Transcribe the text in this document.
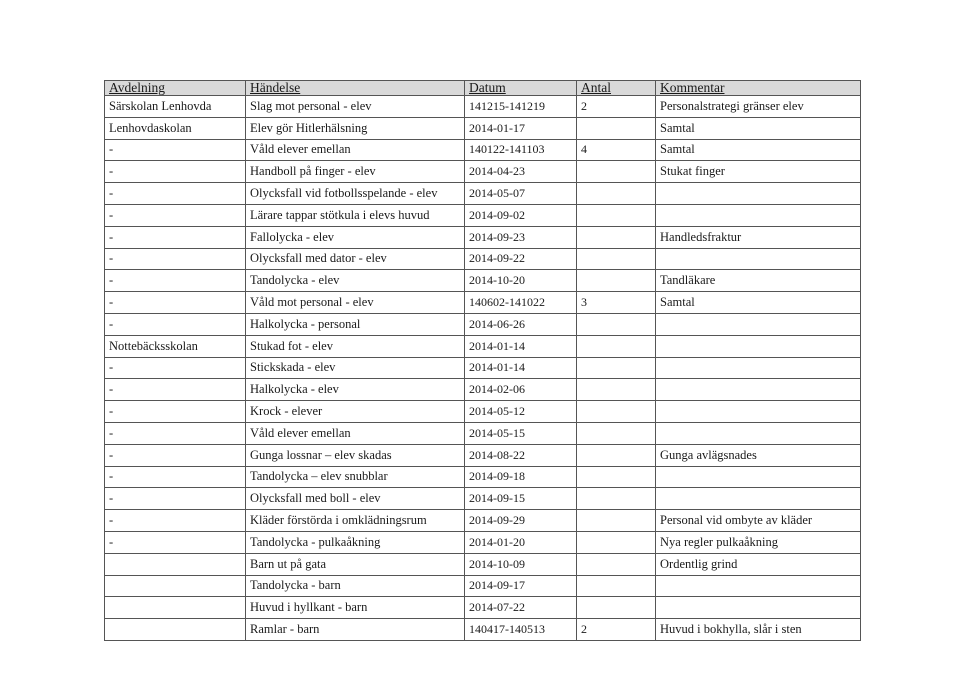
Avdelning	Händelse	Datum	Antal	Kommentar
Särskolan Lenhovda	Slag mot personal - elev	141215-141219	2	Personalstrategi gränser elev
Lenhovdaskolan	Elev gör Hitlerhälsning	2014-01-17		Samtal
-	Våld elever emellan	140122-141103	4	Samtal
-	Handboll på finger - elev	2014-04-23		Stukat finger
-	Olycksfall vid fotbollsspelande - elev	2014-05-07		
-	Lärare tappar stötkula i elevs huvud	2014-09-02		
-	Fallolycka - elev	2014-09-23		Handledsfraktur
-	Olycksfall med dator - elev	2014-09-22		
-	Tandolycka - elev	2014-10-20		Tandläkare
-	Våld mot personal - elev	140602-141022	3	Samtal
-	Halkolycka - personal	2014-06-26		
Nottebäcksskolan	Stukad fot - elev	2014-01-14		
-	Stickskada - elev	2014-01-14		
-	Halkolycka - elev	2014-02-06		
-	Krock - elever	2014-05-12		
-	Våld elever emellan	2014-05-15		
-	Gunga lossnar – elev skadas	2014-08-22		Gunga avlägsnades
-	Tandolycka – elev snubblar	2014-09-18		
-	Olycksfall med boll - elev	2014-09-15		
-	Kläder förstörda i omklädningsrum	2014-09-29		Personal vid ombyte av kläder
-	Tandolycka - pulkaåkning	2014-01-20		Nya regler pulkaåkning
	Barn ut på gata	2014-10-09		Ordentlig grind
	Tandolycka - barn	2014-09-17		
	Huvud i hyllkant - barn	2014-07-22		
	Ramlar - barn	140417-140513	2	Huvud i bokhylla, slår i sten
